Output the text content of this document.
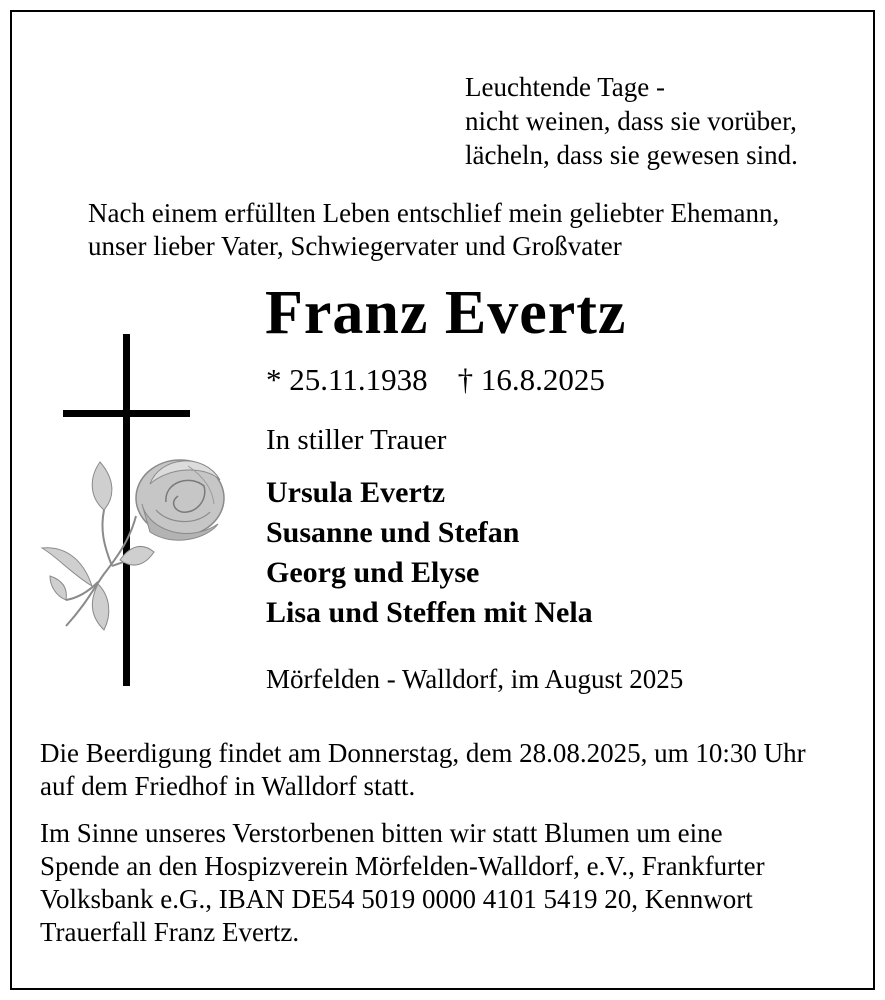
Leuchtende Tage -
nicht weinen, dass sie vorüber,
lächeln, dass sie gewesen sind.
Nach einem erfüllten Leben entschlief mein geliebter Ehemann,
unser lieber Vater, Schwiegervater und Großvater
Franz Evertz
* 25.11.1938 † 16.8.2025
In stiller Trauer
Ursula Evertz
Susanne und Stefan
Georg und Elyse
Lisa und Steffen mit Nela
Mörfelden - Walldorf, im August 2025
Die Beerdigung findet am Donnerstag, dem 28.08.2025, um 10:30 Uhr
auf dem Friedhof in Walldorf statt.
Im Sinne unseres Verstorbenen bitten wir statt Blumen um eine
Spende an den Hospizverein Mörfelden-Walldorf, e.V., Frankfurter
Volksbank e.G., IBAN DE54 5019 0000 4101 5419 20, Kennwort
Trauerfall Franz Evertz.
